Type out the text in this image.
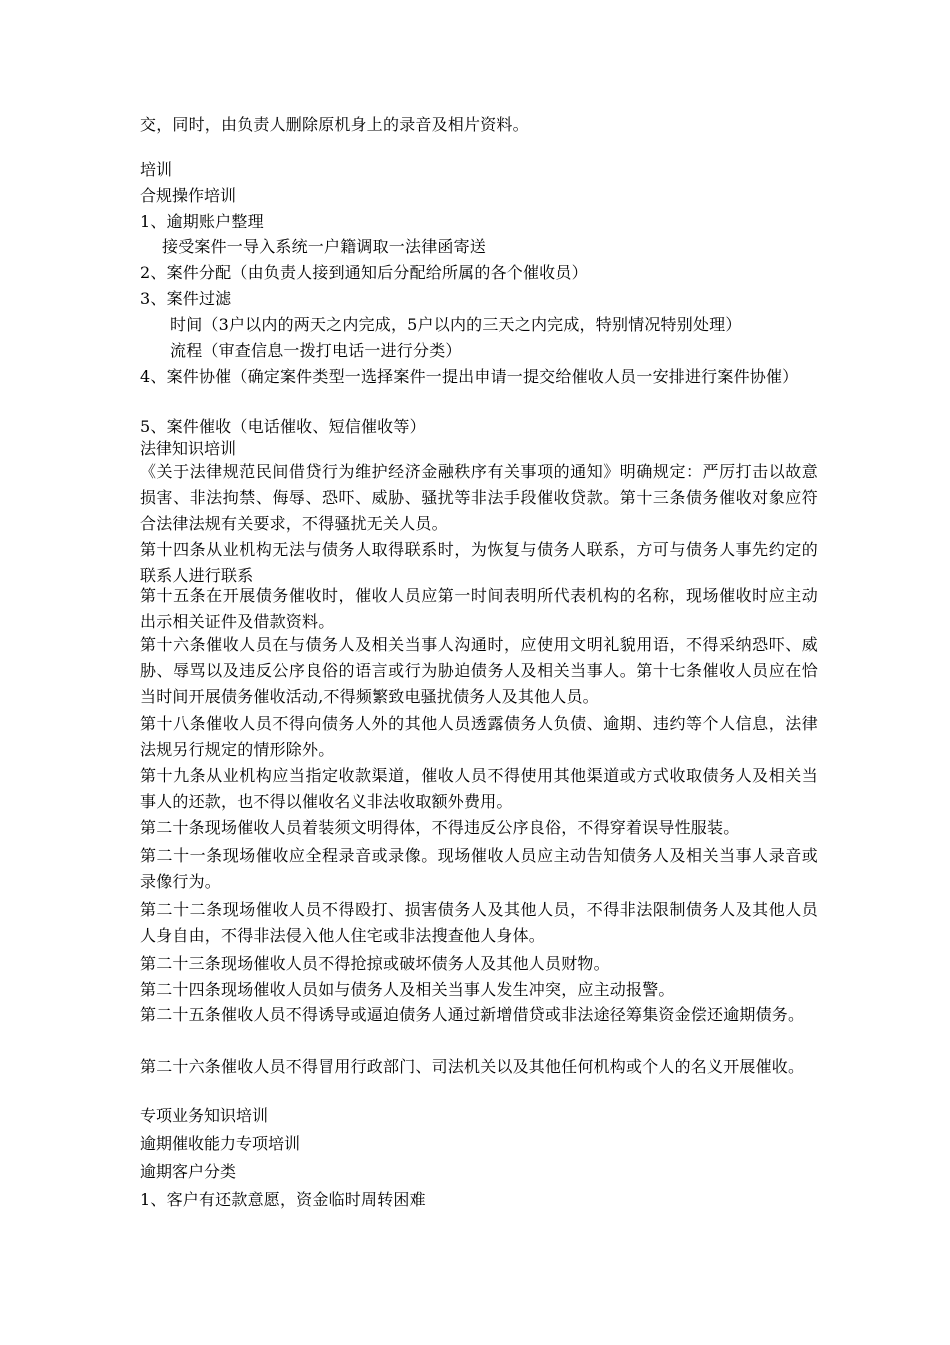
交，同时，由负责人删除原机身上的录音及相片资料。
培训
合规操作培训
1、逾期账户整理
接受案件一导入系统一户籍调取一法律函寄送
2、案件分配（由负责人接到通知后分配给所属的各个催收员）
3、案件过滤
时间（3户以内的两天之内完成，5户以内的三天之内完成，特别情况特别处理）
流程（审查信息一拨打电话一进行分类）
4、案件协催（确定案件类型一选择案件一提出申请一提交给催收人员一安排进行案件协催）
5、案件催收（电话催收、短信催收等）
法律知识培训
《关于法律规范民间借贷行为维护经济金融秩序有关事项的通知》明确规定：严厉打击以故意损害、非法拘禁、侮辱、恐吓、威胁、骚扰等非法手段催收贷款。第十三条债务催收对象应符合法律法规有关要求，不得骚扰无关人员。
第十四条从业机构无法与债务人取得联系时，为恢复与债务人联系，方可与债务人事先约定的联系人进行联系
第十五条在开展债务催收时，催收人员应第一时间表明所代表机构的名称，现场催收时应主动出示相关证件及借款资料。
第十六条催收人员在与债务人及相关当事人沟通时，应使用文明礼貌用语，不得采纳恐吓、威胁、辱骂以及违反公序良俗的语言或行为胁迫债务人及相关当事人。第十七条催收人员应在恰当时间开展债务催收活动,不得频繁致电骚扰债务人及其他人员。
第十八条催收人员不得向债务人外的其他人员透露债务人负债、逾期、违约等个人信息，法律法规另行规定的情形除外。
第十九条从业机构应当指定收款渠道，催收人员不得使用其他渠道或方式收取债务人及相关当事人的还款，也不得以催收名义非法收取额外费用。
第二十条现场催收人员着装须文明得体，不得违反公序良俗，不得穿着误导性服装。
第二十一条现场催收应全程录音或录像。现场催收人员应主动告知债务人及相关当事人录音或录像行为。
第二十二条现场催收人员不得殴打、损害债务人及其他人员，不得非法限制债务人及其他人员人身自由，不得非法侵入他人住宅或非法搜查他人身体。
第二十三条现场催收人员不得抢掠或破坏债务人及其他人员财物。
第二十四条现场催收人员如与债务人及相关当事人发生冲突，应主动报警。
第二十五条催收人员不得诱导或逼迫债务人通过新增借贷或非法途径筹集资金偿还逾期债务。
第二十六条催收人员不得冒用行政部门、司法机关以及其他任何机构或个人的名义开展催收。
专项业务知识培训
逾期催收能力专项培训
逾期客户分类
1、客户有还款意愿，资金临时周转困难
